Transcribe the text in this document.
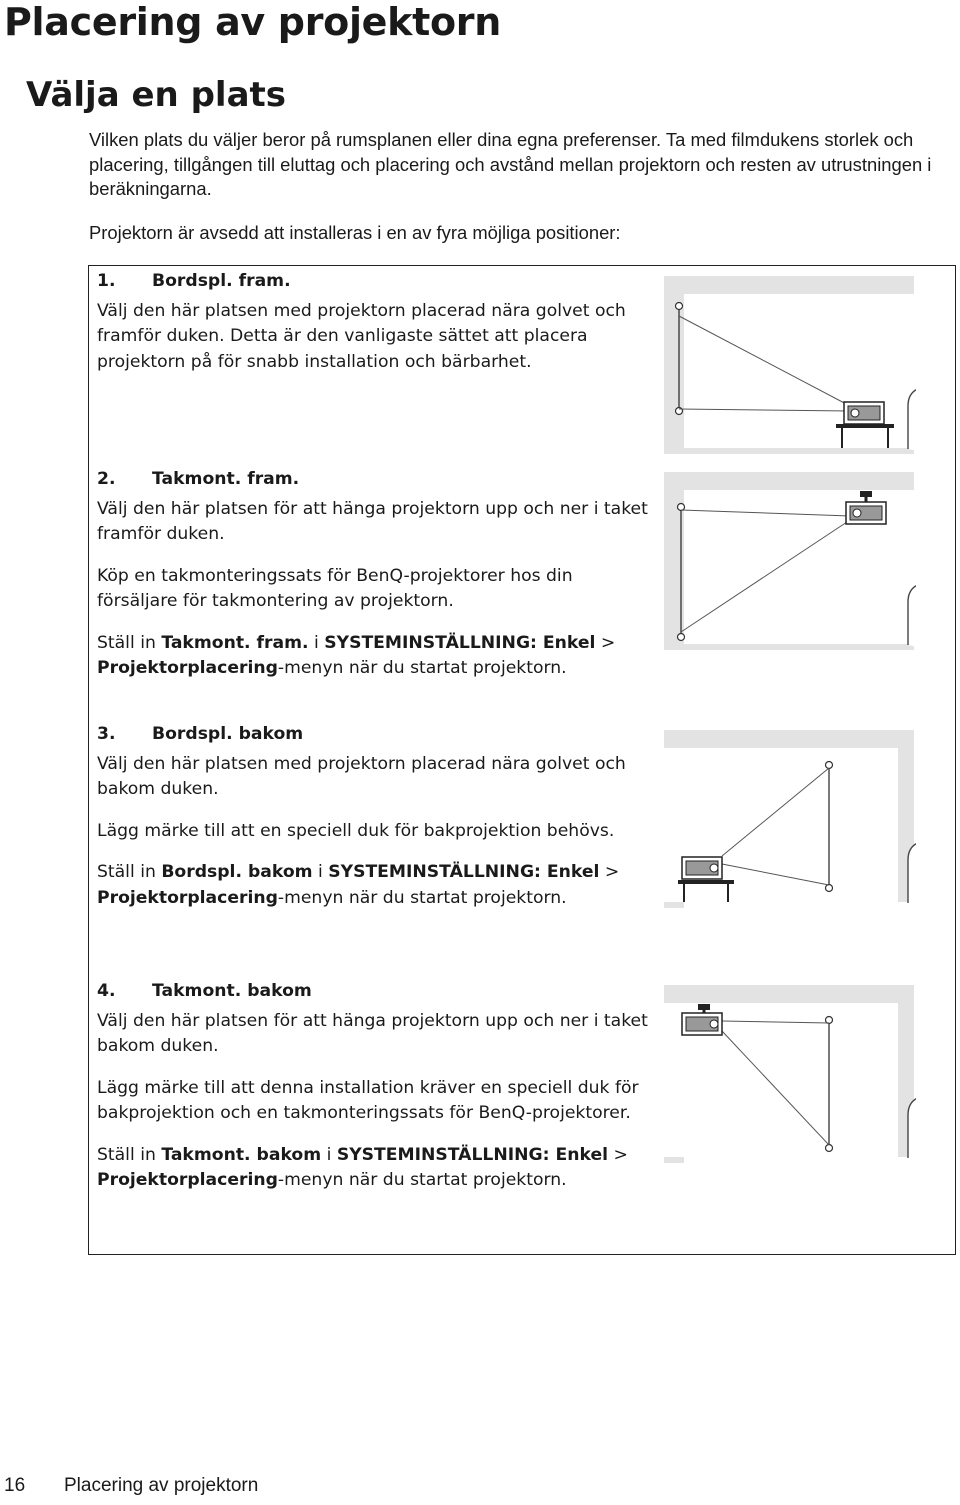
Placering av projektorn
Välja en plats

Vilken plats du väljer beror på rumsplanen eller dina egna preferenser. Ta med filmdukens storlek och placering, tillgången till eluttag och placering och avstånd mellan projektorn och resten av utrustningen i beräkningarna.

Projektorn är avsedd att installeras i en av fyra möjliga positioner:

1. Bordspl. fram.

Välj den här platsen med projektorn placerad nära golvet och framför duken. Detta är den vanligaste sättet att placera projektorn på för snabb installation och bärbarhet.

2. Takmont. fram.

Välj den här platsen för att hänga projektorn upp och ner i taket framför duken.

Köp en takmonteringssats för BenQ-projektorer hos din försäljare för takmontering av projektorn.

Ställ in Takmont. fram. i SYSTEMINSTÄLLNING: Enkel > Projektorplacering-menyn när du startat projektorn.

3. Bordspl. bakom

Välj den här platsen med projektorn placerad nära golvet och bakom duken.

Lägg märke till att en speciell duk för bakprojektion behövs.

Ställ in Bordspl. bakom i SYSTEMINSTÄLLNING: Enkel > Projektorplacering-menyn när du startat projektorn.

4. Takmont. bakom

Välj den här platsen för att hänga projektorn upp och ner i taket bakom duken.

Lägg märke till att denna installation kräver en speciell duk för bakprojektion och en takmonteringssats för BenQ-projektorer.

Ställ in Takmont. bakom i SYSTEMINSTÄLLNING: Enkel > Projektorplacering-menyn när du startat projektorn.

16 Placering av projektorn
